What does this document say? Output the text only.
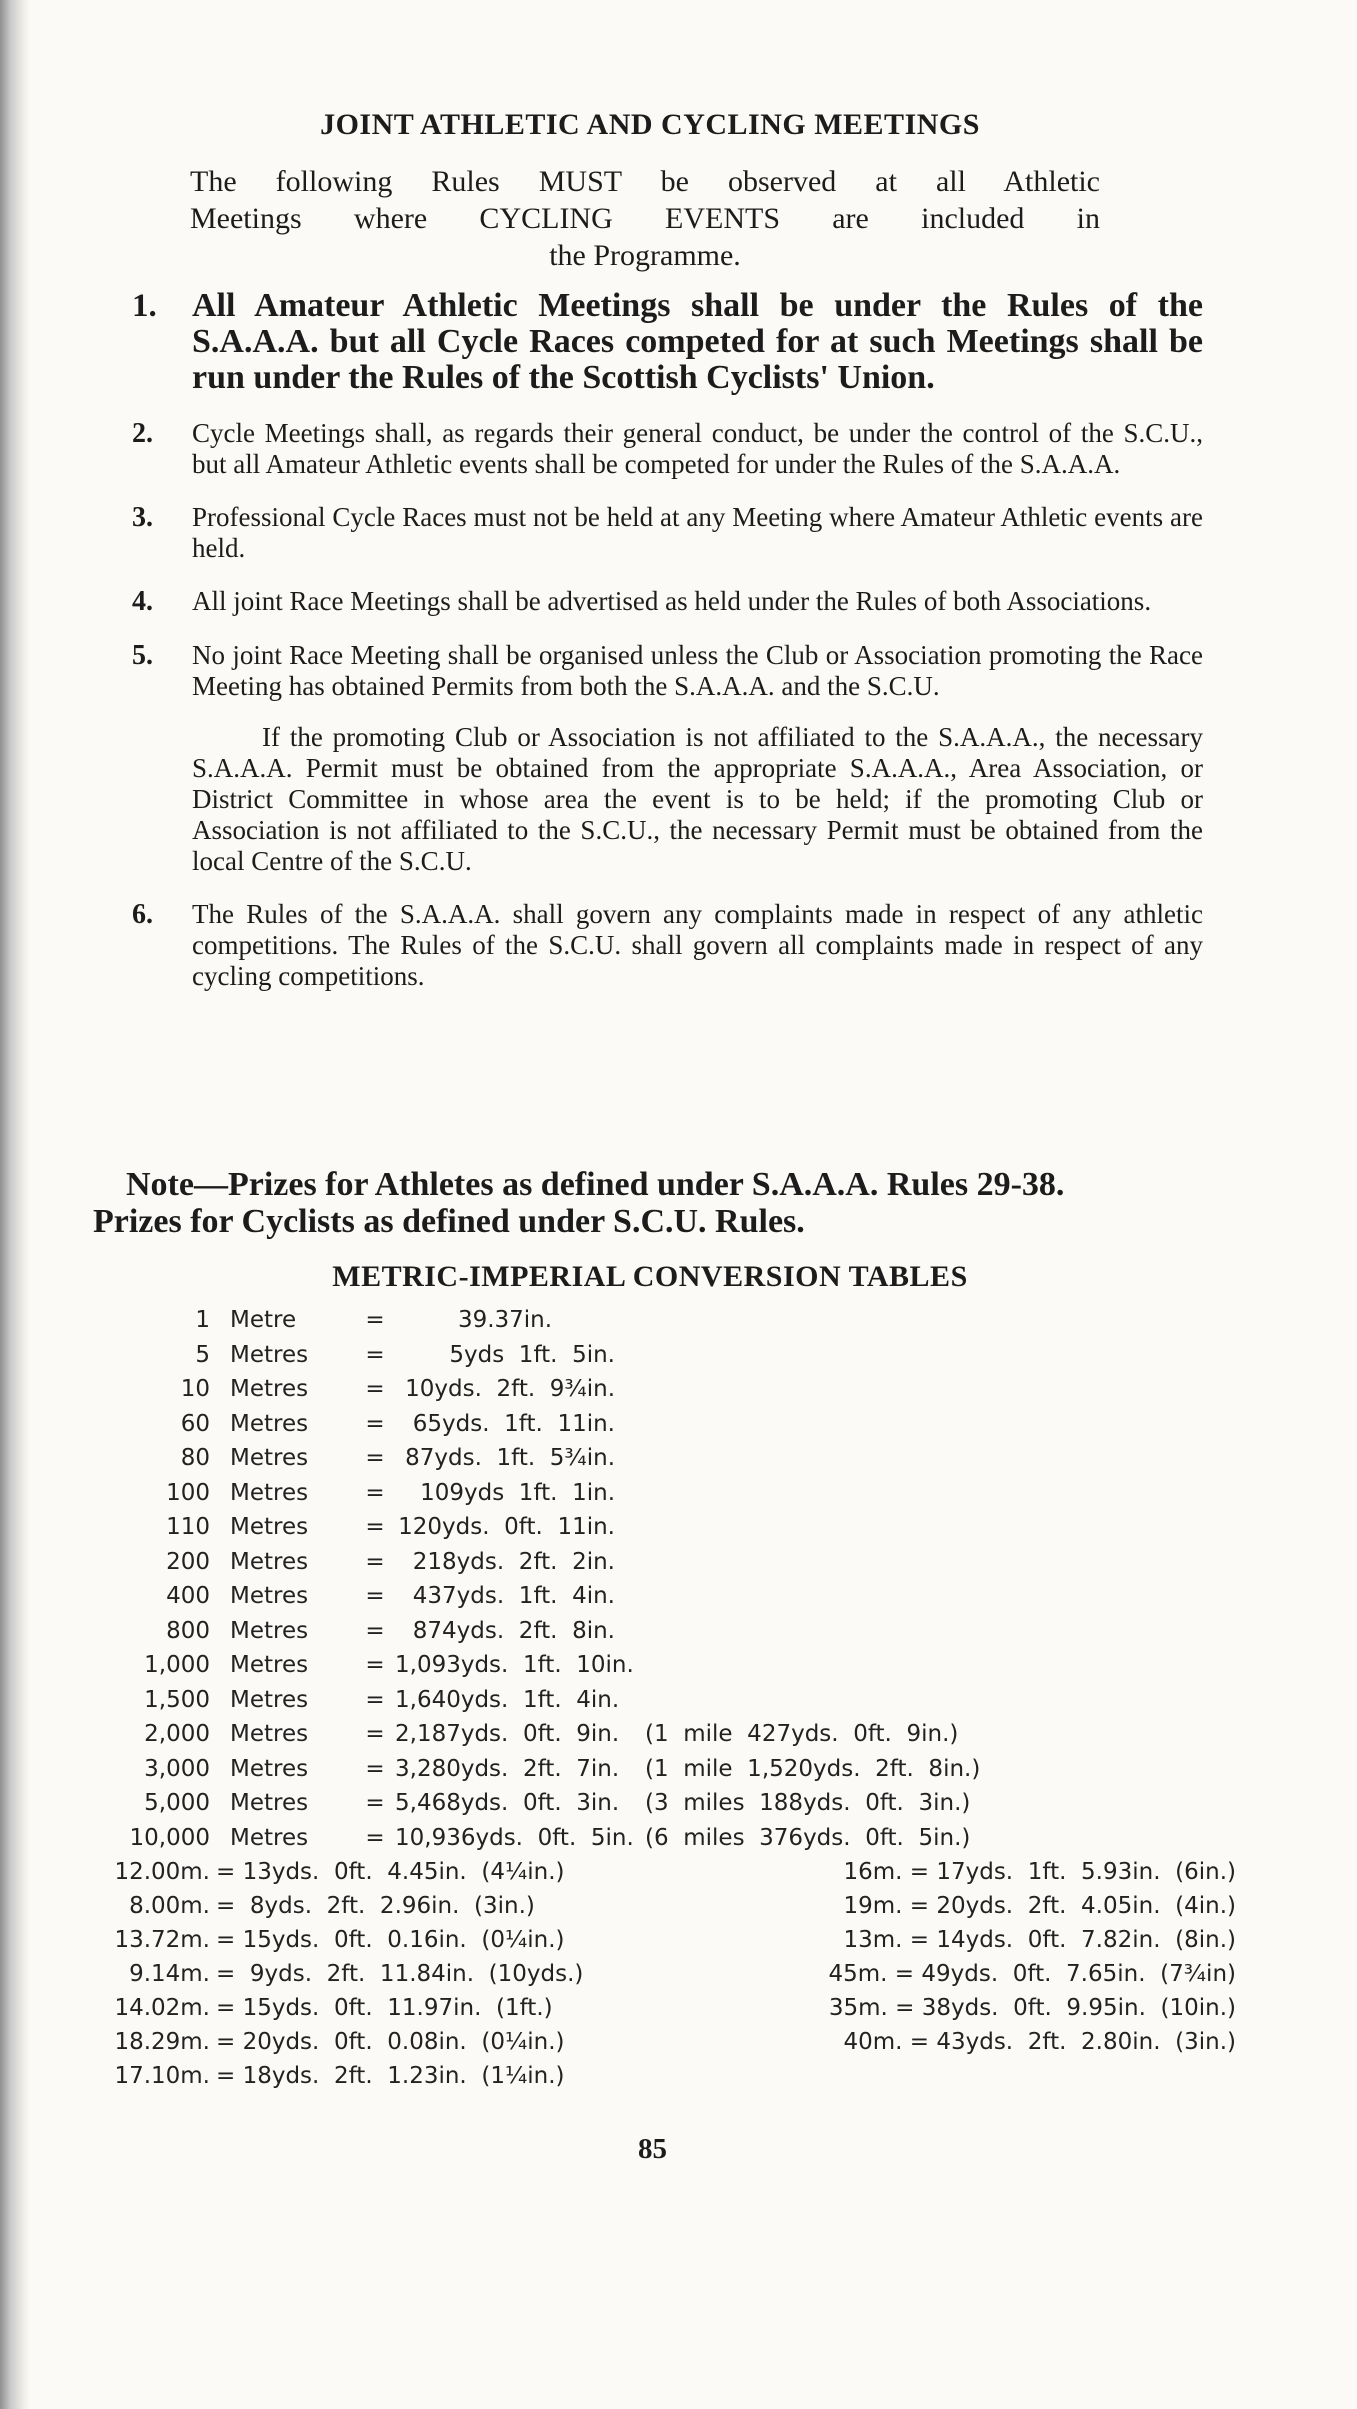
JOINT ATHLETIC AND CYCLING MEETINGS
The following Rules MUST be observed at all Athletic
Meetings where CYCLING EVENTS are included in
the Programme.
1.	All Amateur Athletic Meetings shall be under the Rules of the S.A.A.A. but all Cycle Races competed for at such Meetings shall be run under the Rules of the Scottish Cyclists' Union.
2.	Cycle Meetings shall, as regards their general conduct, be under the control of the S.C.U., but all Amateur Athletic events shall be competed for under the Rules of the S.A.A.A.
3.	Professional Cycle Races must not be held at any Meeting where Amateur Athletic events are held.
4.	All joint Race Meetings shall be advertised as held under the Rules of both Associations.
5.	No joint Race Meeting shall be organised unless the Club or Association promoting the Race Meeting has obtained Permits from both the S.A.A.A. and the S.C.U.
If the promoting Club or Association is not affiliated to the S.A.A.A., the necessary S.A.A.A. Permit must be obtained from the appropriate S.A.A.A., Area Association, or District Committee in whose area the event is to be held; if the promoting Club or Association is not affiliated to the S.C.U., the necessary Permit must be obtained from the local Centre of the S.C.U.
6.	The Rules of the S.A.A.A. shall govern any complaints made in respect of any athletic competitions. The Rules of the S.C.U. shall govern all complaints made in respect of any cycling competitions.
Note—Prizes for Athletes as defined under S.A.A.A. Rules 29-38.
Prizes for Cyclists as defined under S.C.U. Rules.
METRIC-IMPERIAL CONVERSION TABLES
1 Metre	=	39.37in.
5 Metres	=	5yds  1ft.  5in.
10 Metres	= 10yds.  2ft.  9¾in.
60 Metres	=	65yds.  1ft.  11in.
80 Metres	= 87yds.  1ft.  5¾in.
100 Metres	=	109yds  1ft.  1in.
110 Metres	= 120yds.  0ft.  11in.
200 Metres	=	218yds.  2ft.  2in.
400 Metres	=	437yds.  1ft.  4in.
800 Metres	=	874yds.  2ft.  8in.
1,000 Metres	= 1,093yds.  1ft.  10in.
1,500 Metres	= 1,640yds.  1ft.  4in.
2,000 Metres	= 2,187yds.  0ft.  9in.	(1  mile  427yds.  0ft.  9in.)
3,000 Metres	= 3,280yds.  2ft.  7in.	(1  mile  1,520yds.  2ft.  8in.)
5,000 Metres	= 5,468yds.  0ft.  3in.	(3  miles  188yds.  0ft.  3in.)
10,000 Metres	= 10,936yds.  0ft.  5in. (6  miles  376yds.  0ft.  5in.)
12.00m. = 13yds.  0ft.  4.45in.  (4¼in.)	16m. = 17yds.  1ft.  5.93in.  (6in.)
8.00m. =  8yds.  2ft.  2.96in.  (3in.)	19m. = 20yds.  2ft.  4.05in.  (4in.)
13.72m. = 15yds.  0ft.  0.16in.  (0¼in.)	13m. = 14yds.  0ft.  7.82in.  (8in.)
9.14m. =  9yds.  2ft.  11.84in.  (10yds.)	45m. = 49yds.  0ft.  7.65in.  (7¾in)
14.02m. = 15yds.  0ft.  11.97in.  (1ft.)	35m. = 38yds.  0ft.  9.95in.  (10in.)
18.29m. = 20yds.  0ft.  0.08in.  (0¼in.)	40m. = 43yds.  2ft.  2.80in.  (3in.)
17.10m. = 18yds.  2ft.  1.23in.  (1¼in.)
85
